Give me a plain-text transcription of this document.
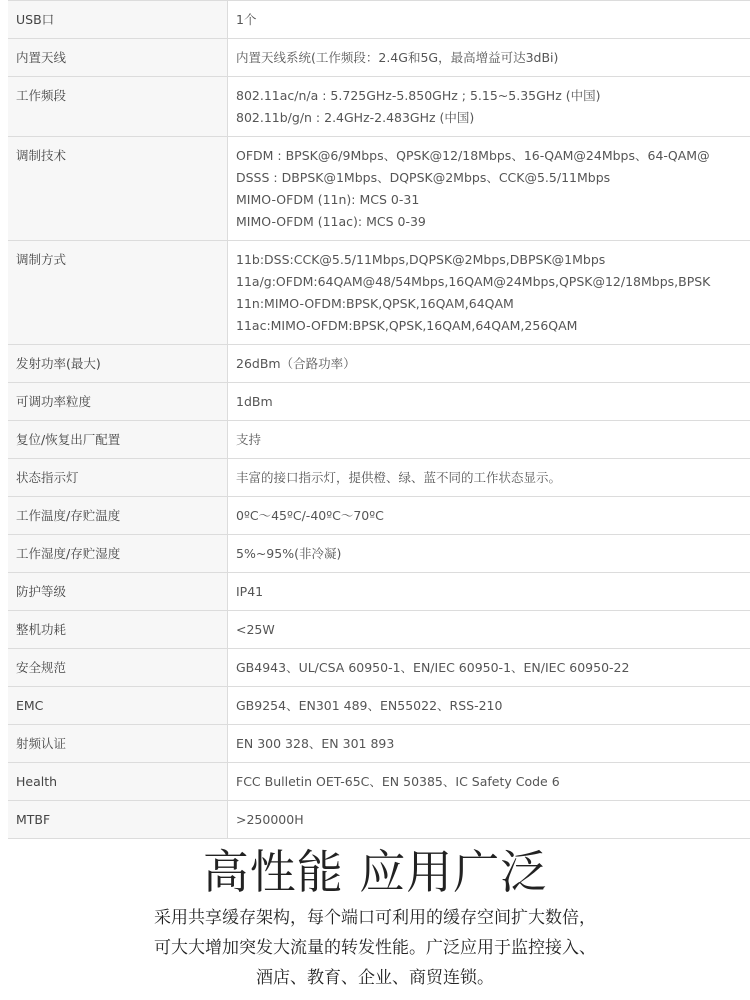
USB口	1个

内置天线	内置天线系统(工作频段：2.4G和5G，最高增益可达3dBi)

工作频段	802.11ac/n/a : 5.725GHz-5.850GHz ; 5.15~5.35GHz (中国)
802.11b/g/n : 2.4GHz-2.483GHz (中国)

调制技术	OFDM : BPSK@6/9Mbps、QPSK@12/18Mbps、16-QAM@24Mbps、64-QAM@
DSSS : DBPSK@1Mbps、DQPSK@2Mbps、CCK@5.5/11Mbps
MIMO-OFDM (11n): MCS 0-31
MIMO-OFDM (11ac): MCS 0-39

调制方式	11b:DSS:CCK@5.5/11Mbps,DQPSK@2Mbps,DBPSK@1Mbps
11a/g:OFDM:64QAM@48/54Mbps,16QAM@24Mbps,QPSK@12/18Mbps,BPSK
11n:MIMO-OFDM:BPSK,QPSK,16QAM,64QAM
11ac:MIMO-OFDM:BPSK,QPSK,16QAM,64QAM,256QAM

发射功率(最大)	26dBm（合路功率）

可调功率粒度	1dBm

复位/恢复出厂配置	支持

状态指示灯	丰富的接口指示灯，提供橙、绿、蓝不同的工作状态显示。

工作温度/存贮温度	0ºC～45ºC/-40ºC～70ºC

工作湿度/存贮湿度	5%~95%(非冷凝)

防护等级	IP41

整机功耗	<25W

安全规范	GB4943、UL/CSA 60950-1、EN/IEC 60950-1、EN/IEC 60950-22

EMC	GB9254、EN301 489、EN55022、RSS-210

射频认证	EN 300 328、EN 301 893

Health	FCC Bulletin OET-65C、EN 50385、IC Safety Code 6

MTBF	>250000H
高性能 应用广泛
采用共享缓存架构，每个端口可利用的缓存空间扩大数倍，
可大大增加突发大流量的转发性能。广泛应用于监控接入、
酒店、教育、企业、商贸连锁。
